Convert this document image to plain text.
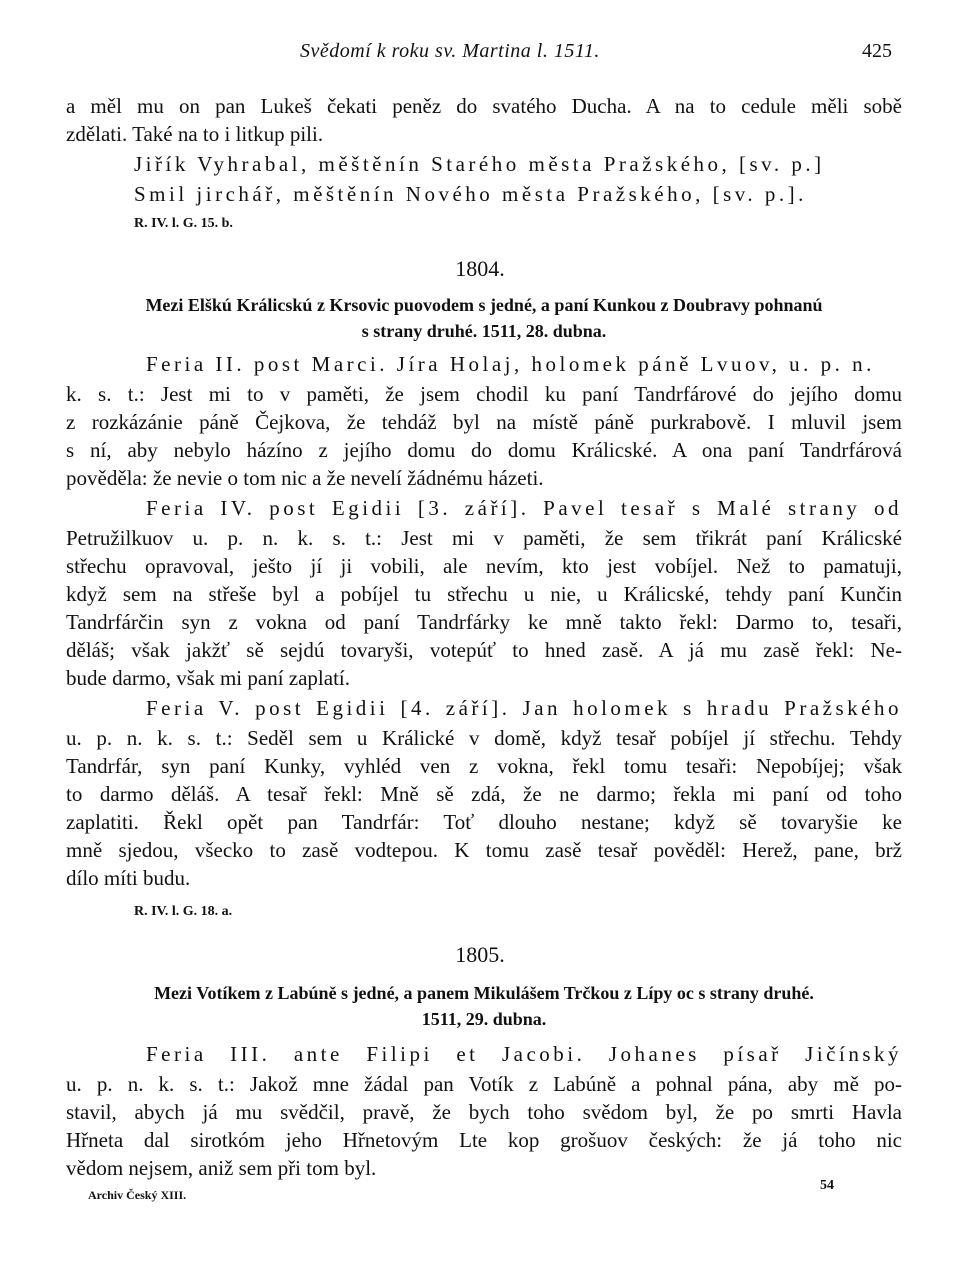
Svědomí k roku sv. Martina l. 1511.	425
a měl mu on pan Lukeš čekati peněz do svatého Ducha. A na to cedule měli sobě
zdělati. Také na to i litkup pili.
Jiřík Vyhrabal, měštěnín Starého města Pražského, [sv. p.]
Smil jirchář, měštěnín Nového města Pražského, [sv. p.].
R. IV. l. G. 15. b.
1804.
Mezi Elškú Králicskú z Krsovic puovodem s jedné, a paní Kunkou z Doubravy pohnanú
s strany druhé. 1511, 28. dubna.
Feria II. post Marci. Jíra Holaj, holomek páně Lvuov, u. p. n.
k. s. t.: Jest mi to v paměti, že jsem chodil ku paní Tandrfárové do jejího domu
z rozkázánie páně Čejkova, že tehdáž byl na místě páně purkrabově. I mluvil jsem
s ní, aby nebylo házíno z jejího domu do domu Králicské. A ona paní Tandrfárová
pověděla: že nevie o tom nic a že nevelí žádnému házeti.
Feria IV. post Egidii [3. září]. Pavel tesař s Malé strany od
Petružilkuov u. p. n. k. s. t.: Jest mi v paměti, že sem třikrát paní Králicské
střechu opravoval, ješto jí ji vobili, ale nevím, kto jest vobíjel. Než to pamatuji,
když sem na střeše byl a pobíjel tu střechu u nie, u Králicské, tehdy paní Kunčin
Tandrfárčin syn z vokna od paní Tandrfárky ke mně takto řekl: Darmo to, tesaři,
děláš; však jakžť sě sejdú tovaryši, votepúť to hned zasě. A já mu zasě řekl: Ne-
bude darmo, však mi paní zaplatí.
Feria V. post Egidii [4. září]. Jan holomek s hradu Pražského
u. p. n. k. s. t.: Seděl sem u Králické v domě, když tesař pobíjel jí střechu. Tehdy
Tandrfár, syn paní Kunky, vyhléd ven z vokna, řekl tomu tesaři: Nepobíjej; však
to darmo děláš. A tesař řekl: Mně sě zdá, že ne darmo; řekla mi paní od toho
zaplatiti. Řekl opět pan Tandrfár: Toť dlouho nestane; když sě tovaryšie ke
mně sjedou, všecko to zasě vodtepou. K tomu zasě tesař pověděl: Herež, pane, brž
dílo míti budu.
R. IV. l. G. 18. a.
1805.
Mezi Votíkem z Labúně s jedné, a panem Mikulášem Trčkou z Lípy oc s strany druhé.
1511, 29. dubna.
Feria III. ante Filipi et Jacobi. Johanes písař Jičínský
u. p. n. k. s. t.: Jakož mne žádal pan Votík z Labúně a pohnal pána, aby mě po-
stavil, abych já mu svědčil, pravě, že bych toho svědom byl, že po smrti Havla
Hřneta dal sirotkóm jeho Hřnetovým Lte kop grošuov českých: že já toho nic
vědom nejsem, aniž sem při tom byl.
Archiv Český XIII.
54
